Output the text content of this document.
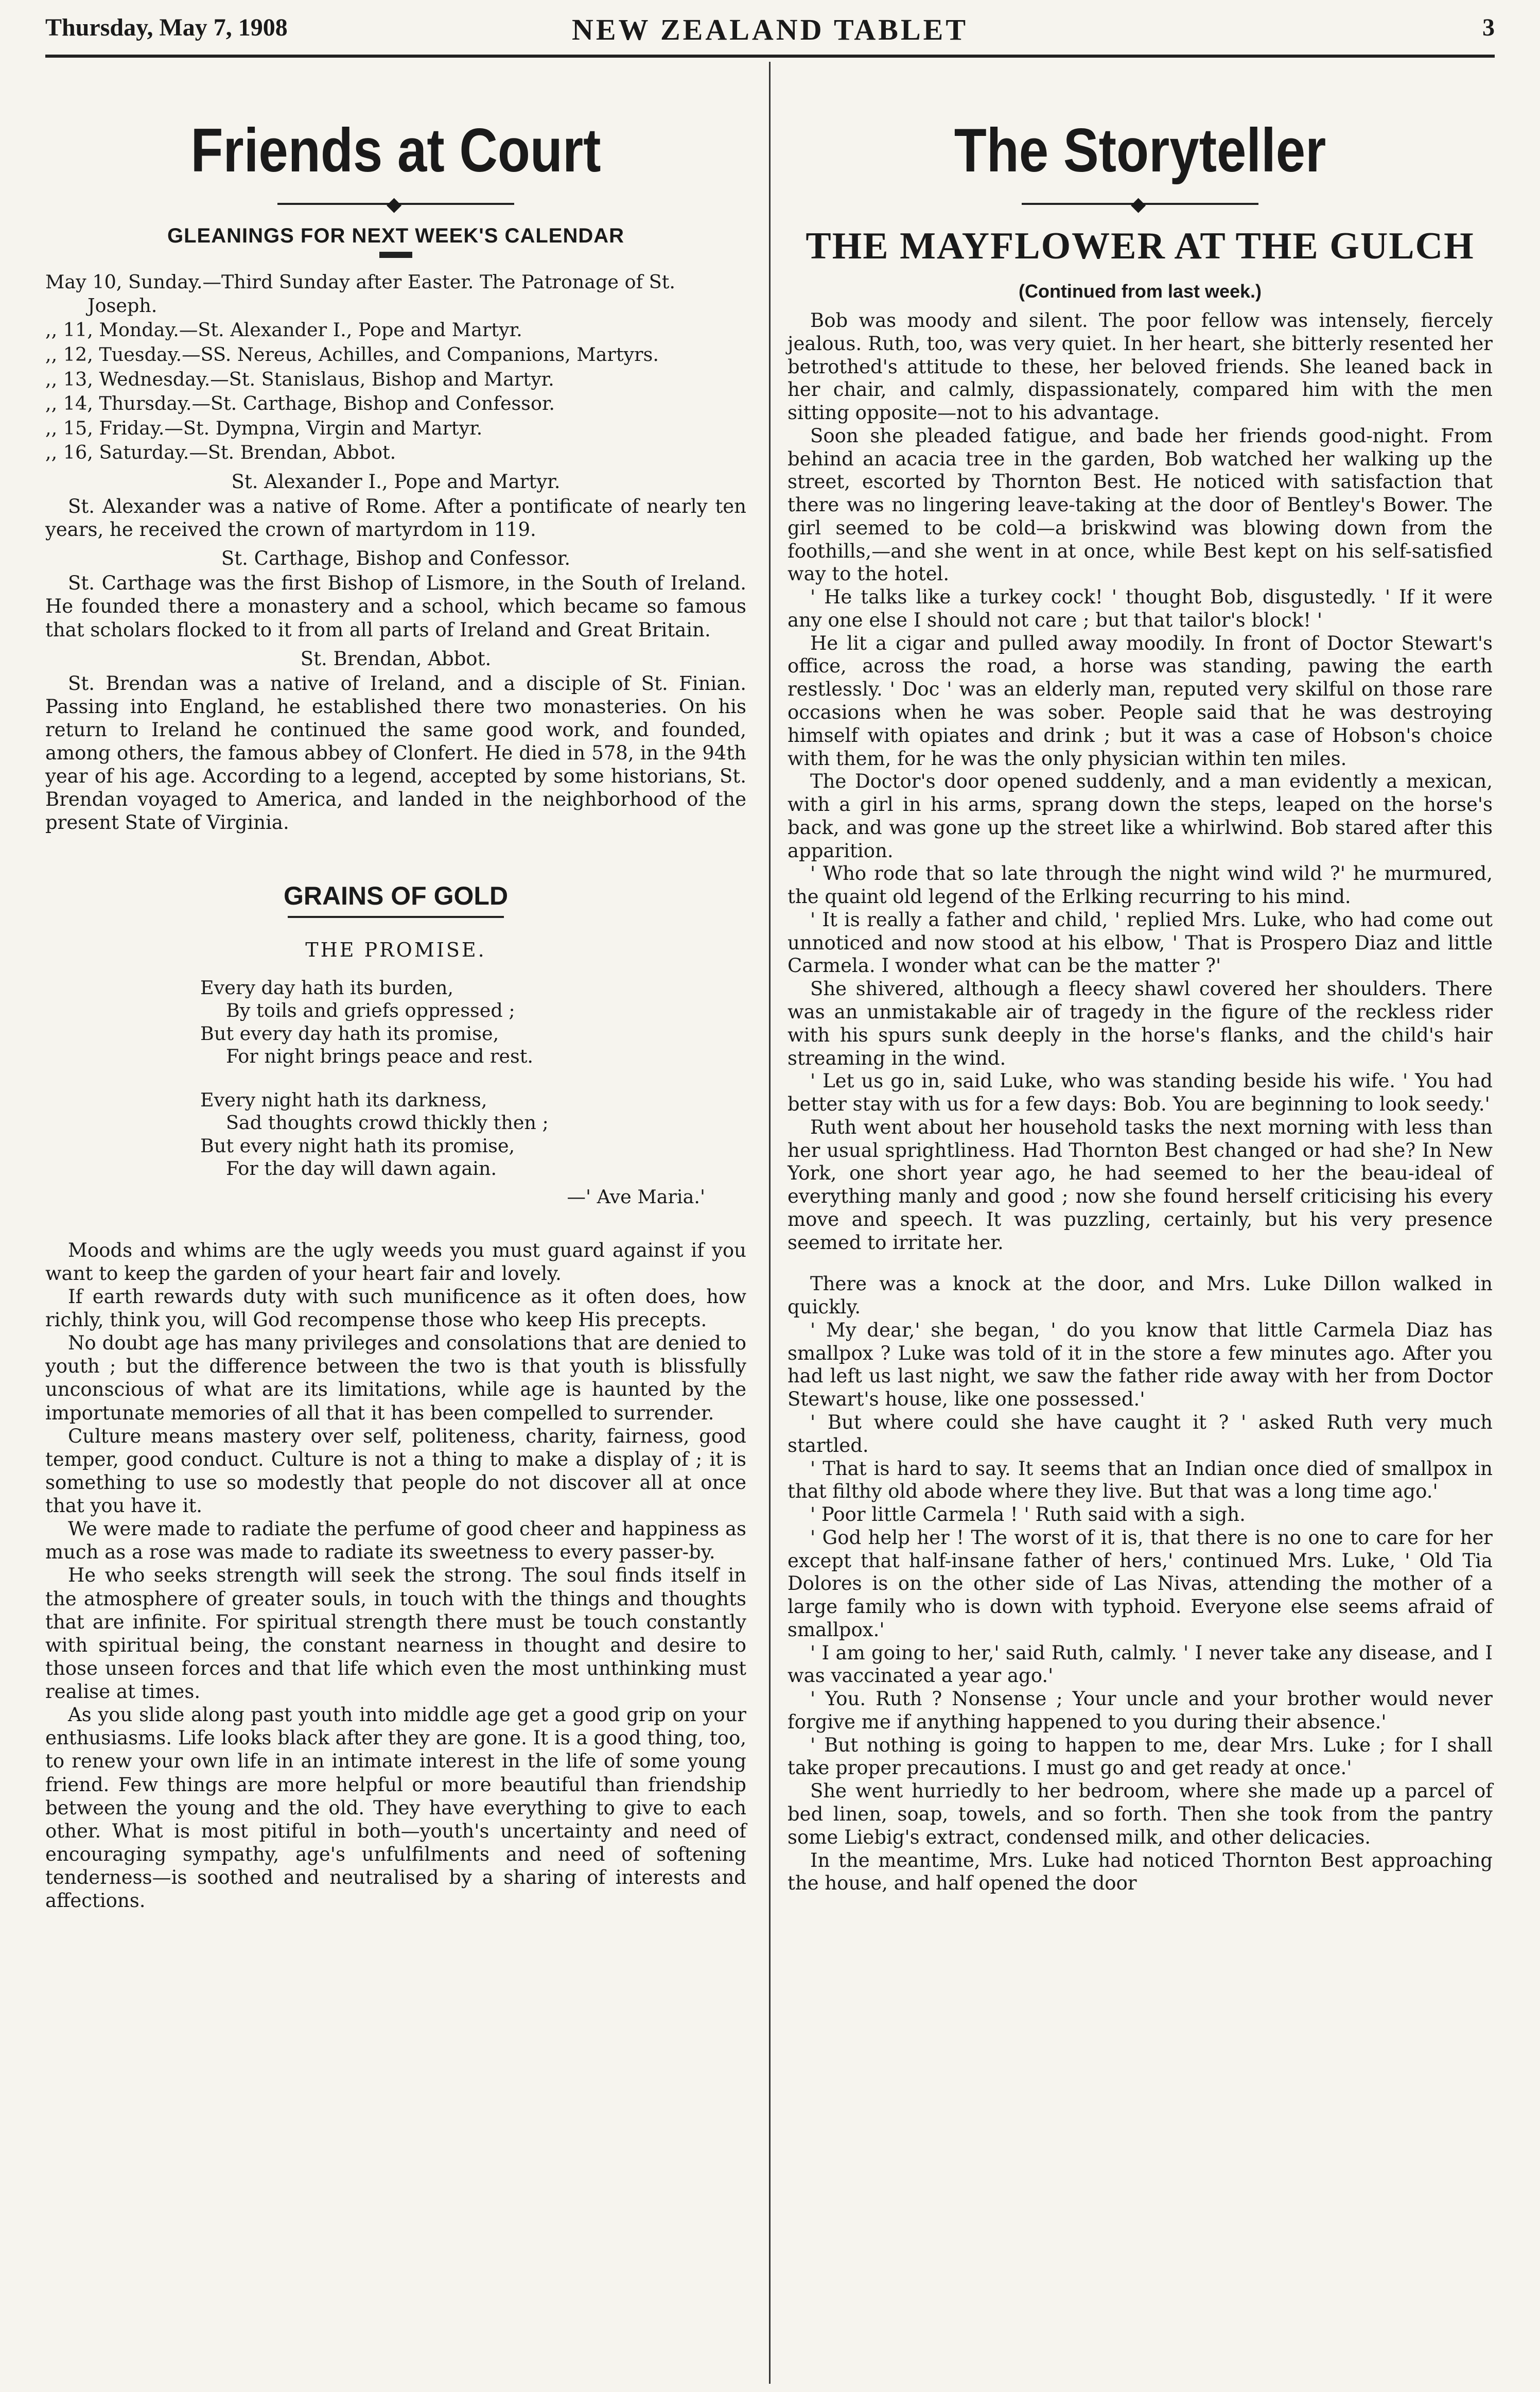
Thursday, May 7, 1908	NEW ZEALAND TABLET	3
Friends at Court
◆
GLEANINGS FOR NEXT WEEK'S CALENDAR
May 10, Sunday.—Third Sunday after Easter. The Patronage of St. Joseph.
,, 11, Monday.—St. Alexander I., Pope and Martyr.
,, 12, Tuesday.—SS. Nereus, Achilles, and Companions, Martyrs.
,, 13, Wednesday.—St. Stanislaus, Bishop and Martyr.
,, 14, Thursday.—St. Carthage, Bishop and Confessor.
,, 15, Friday.—St. Dympna, Virgin and Martyr.
,, 16, Saturday.—St. Brendan, Abbot.
St. Alexander I., Pope and Martyr.

St. Alexander was a native of Rome. After a pontificate of nearly ten years, he received the crown of martyrdom in 119.

St. Carthage, Bishop and Confessor.

St. Carthage was the first Bishop of Lismore, in the South of Ireland. He founded there a monastery and a school, which became so famous that scholars flocked to it from all parts of Ireland and Great Britain.

St. Brendan, Abbot.

St. Brendan was a native of Ireland, and a disciple of St. Finian. Passing into England, he established there two monasteries. On his return to Ireland he continued the same good work, and founded, among others, the famous abbey of Clonfert. He died in 578, in the 94th year of his age. According to a legend, accepted by some historians, St. Brendan voyaged to America, and landed in the neighborhood of the present State of Virginia.

GRAINS OF GOLD
THE PROMISE.
Every day hath its burden,
By toils and griefs oppressed ;
But every day hath its promise,
For night brings peace and rest.
Every night hath its darkness,
Sad thoughts crowd thickly then ;
But every night hath its promise,
For the day will dawn again.
—' Ave Maria.'

Moods and whims are the ugly weeds you must guard against if you want to keep the garden of your heart fair and lovely.

If earth rewards duty with such munificence as it often does, how richly, think you, will God recompense those who keep His precepts.

No doubt age has many privileges and consolations that are denied to youth ; but the difference between the two is that youth is blissfully unconscious of what are its limitations, while age is haunted by the importunate memories of all that it has been compelled to surrender.

Culture means mastery over self, politeness, charity, fairness, good temper, good conduct. Culture is not a thing to make a display of ; it is something to use so modestly that people do not discover all at once that you have it.

We were made to radiate the perfume of good cheer and happiness as much as a rose was made to radiate its sweetness to every passer-by.

He who seeks strength will seek the strong. The soul finds itself in the atmosphere of greater souls, in touch with the things and thoughts that are infinite. For spiritual strength there must be touch constantly with spiritual being, the constant nearness in thought and desire to those unseen forces and that life which even the most unthinking must realise at times.

As you slide along past youth into middle age get a good grip on your enthusiasms. Life looks black after they are gone. It is a good thing, too, to renew your own life in an intimate interest in the life of some young friend. Few things are more helpful or more beautiful than friendship between the young and the old. They have everything to give to each other. What is most pitiful in both—youth's uncertainty and need of encouraging sympathy, age's unfulfilments and need of softening tenderness—is soothed and neutralised by a sharing of interests and affections.

The Storyteller
◆
THE MAYFLOWER AT THE GULCH
(Continued from last week.)

Bob was moody and silent. The poor fellow was intensely, fiercely jealous. Ruth, too, was very quiet. In her heart, she bitterly resented her betrothed's attitude to these, her beloved friends. She leaned back in her chair, and calmly, dispassionately, compared him with the men sitting opposite—not to his advantage.

Soon she pleaded fatigue, and bade her friends good-night. From behind an acacia tree in the garden, Bob watched her walking up the street, escorted by Thornton Best. He noticed with satisfaction that there was no lingering leave-taking at the door of Bentley's Bower. The girl seemed to be cold—a briskwind was blowing down from the foothills,—and she went in at once, while Best kept on his self-satisfied way to the hotel.

' He talks like a turkey cock! ' thought Bob, disgustedly. ' If it were any one else I should not care ; but that tailor's block! '

He lit a cigar and pulled away moodily. In front of Doctor Stewart's office, across the road, a horse was standing, pawing the earth restlessly. ' Doc ' was an elderly man, reputed very skilful on those rare occasions when he was sober. People said that he was destroying himself with opiates and drink ; but it was a case of Hobson's choice with them, for he was the only physician within ten miles.

The Doctor's door opened suddenly, and a man evidently a mexican, with a girl in his arms, sprang down the steps, leaped on the horse's back, and was gone up the street like a whirlwind. Bob stared after this apparition.

' Who rode that so late through the night wind wild ?' he murmured, the quaint old legend of the Erlking recurring to his mind.

' It is really a father and child, ' replied Mrs. Luke, who had come out unnoticed and now stood at his elbow, ' That is Prospero Diaz and little Carmela. I wonder what can be the matter ?'

She shivered, although a fleecy shawl covered her shoulders. There was an unmistakable air of tragedy in the figure of the reckless rider with his spurs sunk deeply in the horse's flanks, and the child's hair streaming in the wind.

' Let us go in, said Luke, who was standing beside his wife. ' You had better stay with us for a few days: Bob. You are beginning to look seedy.'

Ruth went about her household tasks the next morning with less than her usual sprightliness. Had Thornton Best changed or had she? In New York, one short year ago, he had seemed to her the beau-ideal of everything manly and good ; now she found herself criticising his every move and speech. It was puzzling, certainly, but his very presence seemed to irritate her.

There was a knock at the door, and Mrs. Luke Dillon walked in quickly.

' My dear,' she began, ' do you know that little Carmela Diaz has smallpox ? Luke was told of it in the store a few minutes ago. After you had left us last night, we saw the father ride away with her from Doctor Stewart's house, like one possessed.'

' But where could she have caught it ? ' asked Ruth very much startled.

' That is hard to say. It seems that an Indian once died of smallpox in that filthy old abode where they live. But that was a long time ago.'

' Poor little Carmela ! ' Ruth said with a sigh.

' God help her ! The worst of it is, that there is no one to care for her except that half-insane father of hers,' continued Mrs. Luke, ' Old Tia Dolores is on the other side of Las Nivas, attending the mother of a large family who is down with typhoid. Everyone else seems afraid of smallpox.'

' I am going to her,' said Ruth, calmly. ' I never take any disease, and I was vaccinated a year ago.'

' You. Ruth ? Nonsense ; Your uncle and your brother would never forgive me if anything happened to you during their absence.'

' But nothing is going to happen to me, dear Mrs. Luke ; for I shall take proper precautions. I must go and get ready at once.'

She went hurriedly to her bedroom, where she made up a parcel of bed linen, soap, towels, and so forth. Then she took from the pantry some Liebig's extract, condensed milk, and other delicacies.

In the meantime, Mrs. Luke had noticed Thornton Best approaching the house, and half opened the door
